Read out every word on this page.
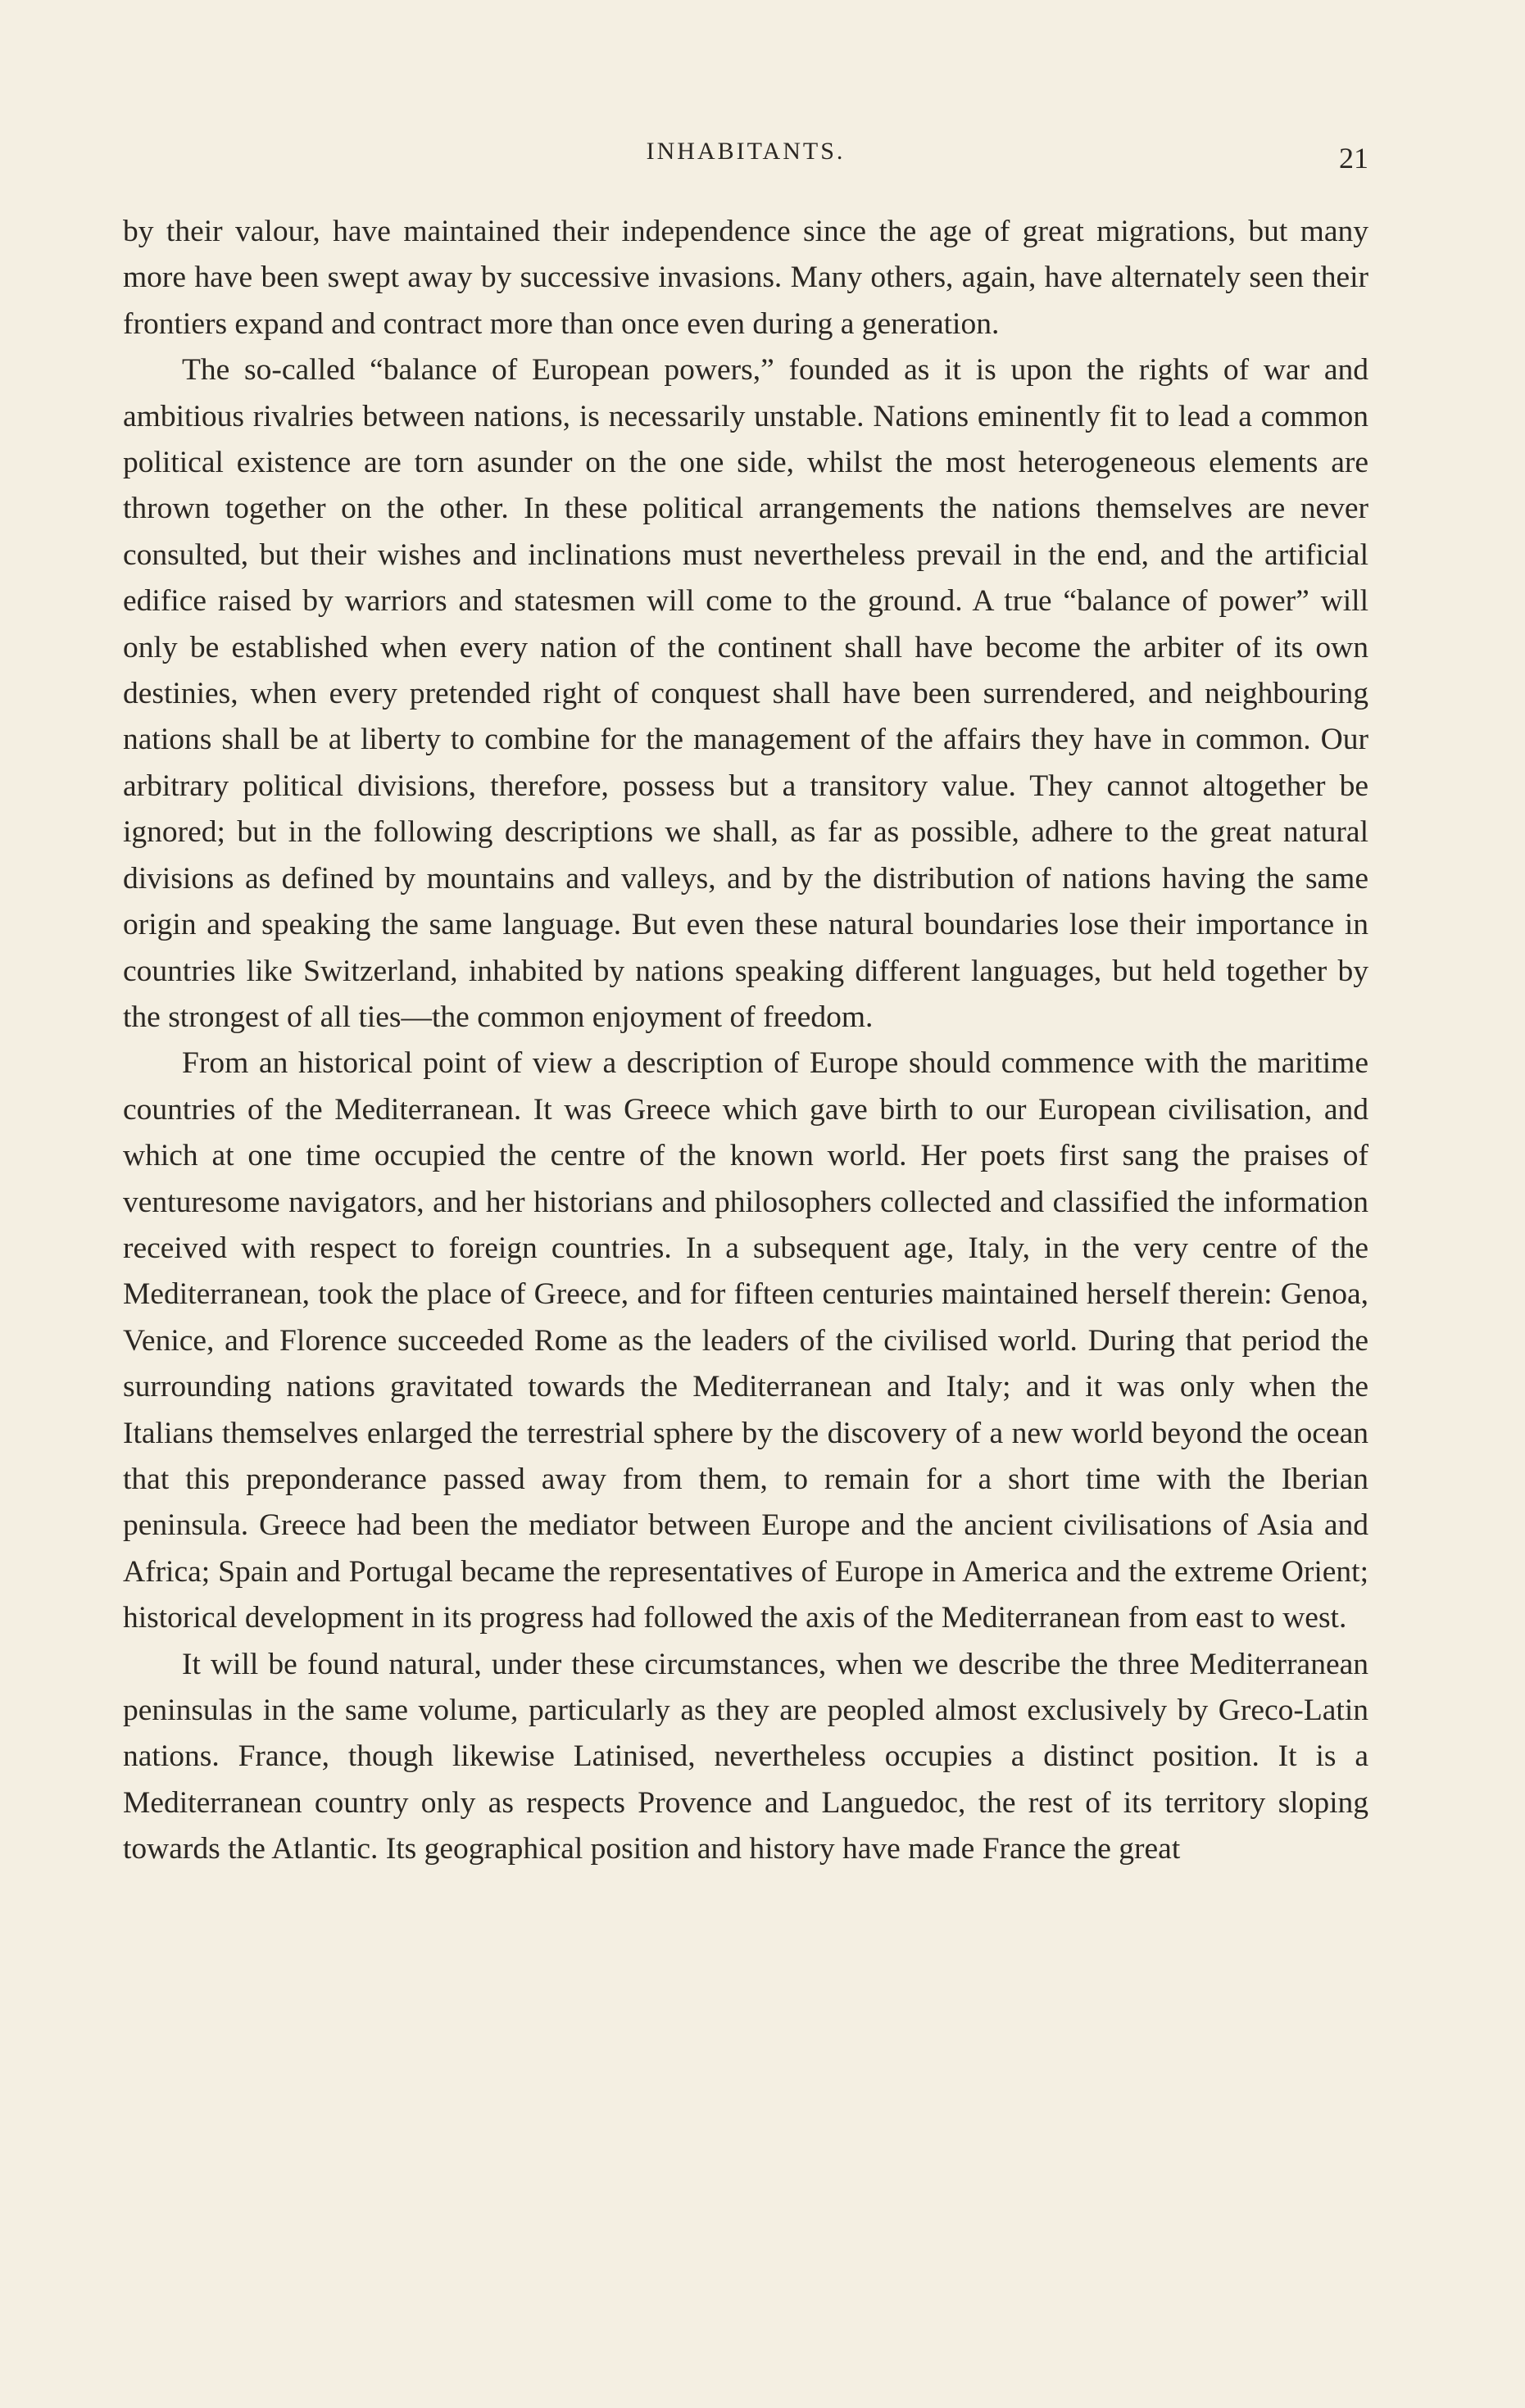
INHABITANTS.	21

by their valour, have maintained their independence since the age of great migrations, but many more have been swept away by successive invasions. Many others, again, have alternately seen their frontiers expand and contract more than once even during a generation.

The so-called “balance of European powers,” founded as it is upon the rights of war and ambitious rivalries between nations, is necessarily unstable. Nations eminently fit to lead a common political existence are torn asunder on the one side, whilst the most heterogeneous elements are thrown together on the other. In these political arrangements the nations themselves are never consulted, but their wishes and inclinations must nevertheless prevail in the end, and the artificial edifice raised by warriors and statesmen will come to the ground. A true “balance of power” will only be established when every nation of the continent shall have become the arbiter of its own destinies, when every pretended right of conquest shall have been surrendered, and neighbouring nations shall be at liberty to combine for the management of the affairs they have in common. Our arbitrary political divisions, therefore, possess but a transitory value. They cannot altogether be ignored; but in the following descriptions we shall, as far as possible, adhere to the great natural divisions as defined by mountains and valleys, and by the distribution of nations having the same origin and speaking the same language. But even these natural boundaries lose their importance in countries like Switzerland, inhabited by nations speaking different languages, but held together by the strongest of all ties—the common enjoyment of freedom.

From an historical point of view a description of Europe should commence with the maritime countries of the Mediterranean. It was Greece which gave birth to our European civilisation, and which at one time occupied the centre of the known world. Her poets first sang the praises of venturesome navigators, and her historians and philosophers collected and classified the information received with respect to foreign countries. In a subsequent age, Italy, in the very centre of the Mediterranean, took the place of Greece, and for fifteen centuries maintained herself therein: Genoa, Venice, and Florence succeeded Rome as the leaders of the civilised world. During that period the surrounding nations gravitated towards the Mediterranean and Italy; and it was only when the Italians themselves enlarged the terrestrial sphere by the discovery of a new world beyond the ocean that this preponderance passed away from them, to remain for a short time with the Iberian peninsula. Greece had been the mediator between Europe and the ancient civilisations of Asia and Africa; Spain and Portugal became the representatives of Europe in America and the extreme Orient; historical development in its progress had followed the axis of the Mediterranean from east to west.

It will be found natural, under these circumstances, when we describe the three Mediterranean peninsulas in the same volume, particularly as they are peopled almost exclusively by Greco-Latin nations. France, though likewise Latinised, nevertheless occupies a distinct position. It is a Mediterranean country only as respects Provence and Languedoc, the rest of its territory sloping towards the Atlantic. Its geographical position and history have made France the great
